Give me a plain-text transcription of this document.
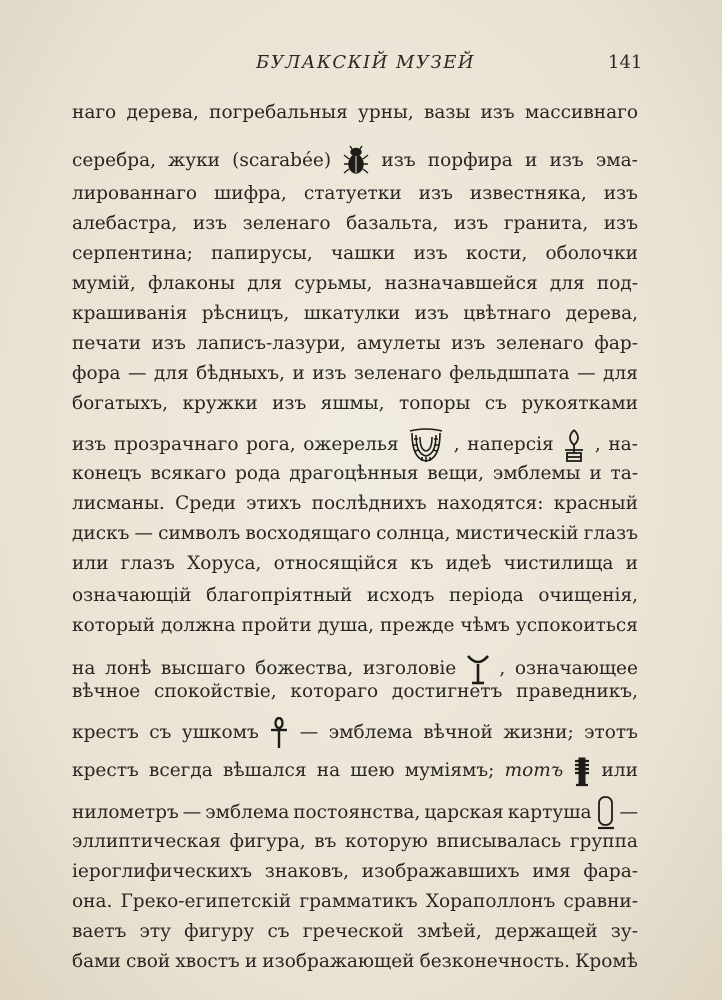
БУЛАКСКІЙ МУЗЕЙ	141
наго дерева, погребальныя урны, вазы изъ массивнаго
серебра, жуки (scarabée)	изъ порфира и изъ эма-
лированнаго шифра, статуетки изъ известняка, изъ
алебастра, изъ зеленаго базальта, изъ гранита, изъ
серпентина; папирусы, чашки изъ кости, оболочки
мумій, флаконы для сурьмы, назначавшейся для под-
крашиванія рѣсницъ, шкатулки изъ цвѣтнаго дерева,
печати изъ лаписъ-лазури, амулеты изъ зеленаго фар-
фора — для бѣдныхъ, и изъ зеленаго фельдшпата — для
богатыхъ, кружки изъ яшмы, топоры съ рукоятками
изъ прозрачнаго рога, ожерелья	, наперсія , на-
конецъ всякаго рода драгоцѣнныя вещи, эмблемы и та-
лисманы. Среди этихъ послѣднихъ находятся: красный
дискъ — символъ восходящаго солнца, мистическій глазъ
или глазъ Хоруса, относящійся къ идеѣ чистилища и
означающій благопріятный исходъ періода очищенія,
который должна пройти душа, прежде чѣмъ успокоиться
на лонѣ высшаго божества, изголовіе , означающее
вѣчное спокойствіе, котораго достигнетъ праведникъ,
крестъ съ ушкомъ — эмблема вѣчной жизни; этотъ
крестъ всегда вѣшался на шею муміямъ; тотъ или
нилометръ — эмблема постоянства, царская картуша —
эллиптическая фигура, въ которую вписывалась группа
іероглифическихъ знаковъ, изображавшихъ имя фара-
она. Греко-египетскій грамматикъ Хораполлонъ сравни-
ваетъ эту фигуру съ греческой змѣей, держащей зу-
бами свой хвостъ и изображающей безконечность. Кромѣ
